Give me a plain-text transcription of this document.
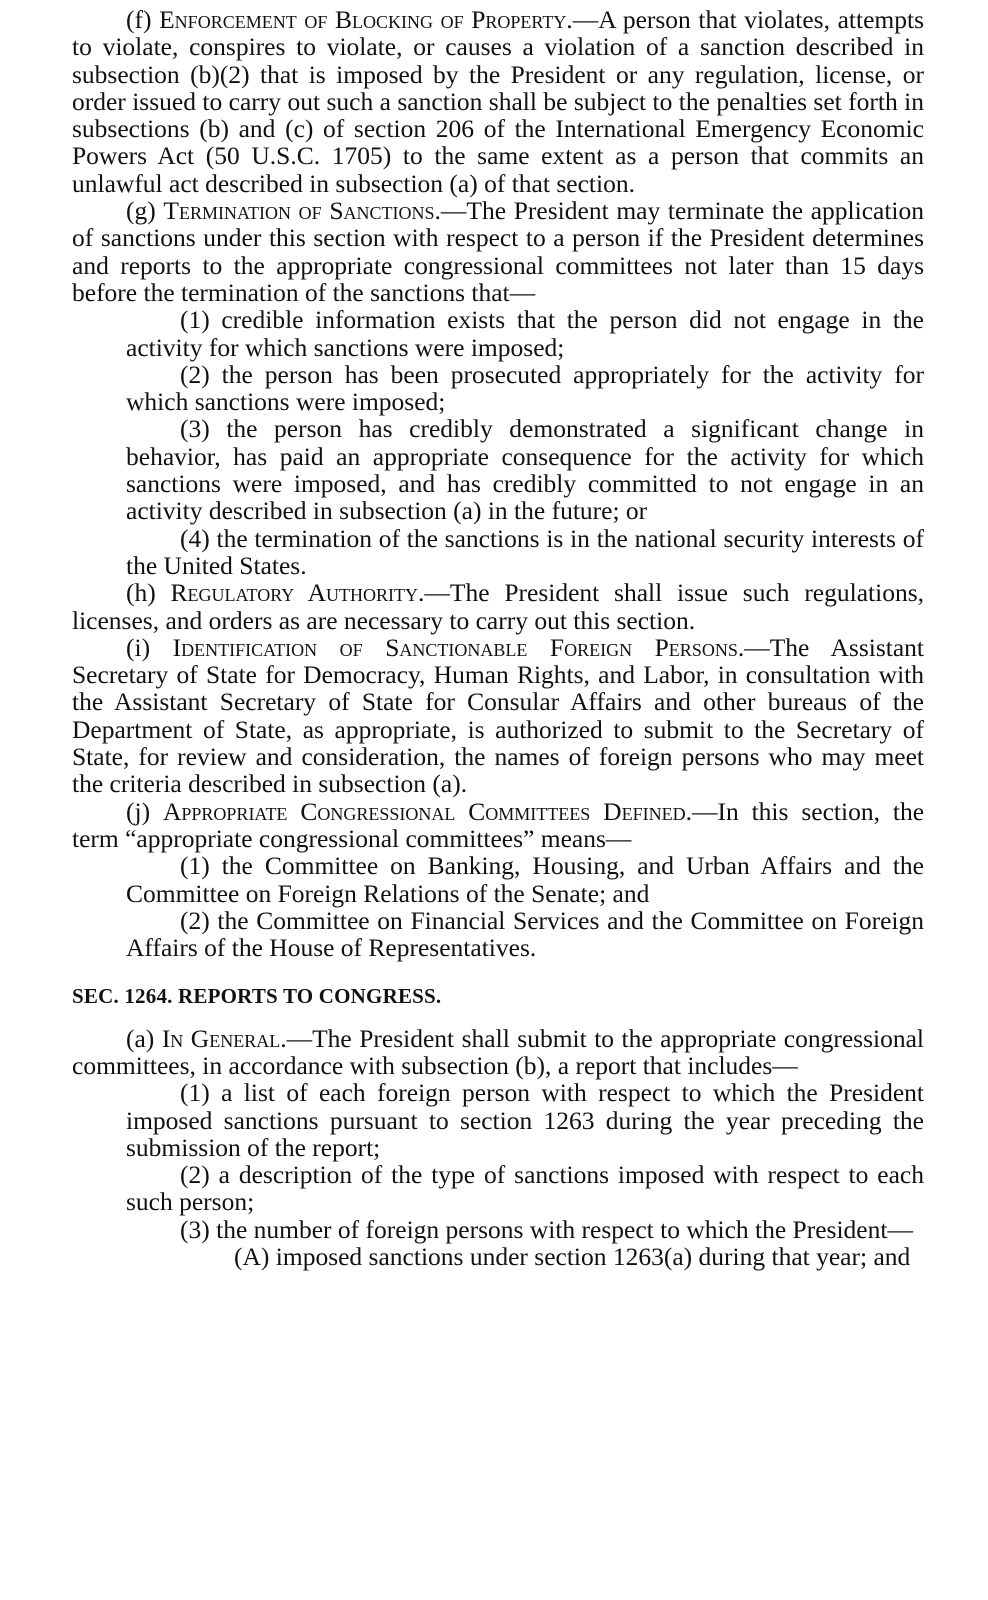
(f) Enforcement of Blocking of Property.—A person that violates, attempts to violate, conspires to violate, or causes a violation of a sanction described in subsection (b)(2) that is imposed by the President or any regulation, license, or order issued to carry out such a sanction shall be subject to the penalties set forth in subsections (b) and (c) of section 206 of the International Emergency Economic Powers Act (50 U.S.C. 1705) to the same extent as a person that commits an unlawful act described in subsection (a) of that section.

(g) Termination of Sanctions.—The President may terminate the application of sanctions under this section with respect to a person if the President determines and reports to the appropriate congressional committees not later than 15 days before the termination of the sanctions that—

(1) credible information exists that the person did not engage in the activity for which sanctions were imposed;

(2) the person has been prosecuted appropriately for the activity for which sanctions were imposed;

(3) the person has credibly demonstrated a significant change in behavior, has paid an appropriate consequence for the activity for which sanctions were imposed, and has credibly committed to not engage in an activity described in subsection (a) in the future; or

(4) the termination of the sanctions is in the national security interests of the United States.

(h) Regulatory Authority.—The President shall issue such regulations, licenses, and orders as are necessary to carry out this section.

(i) Identification of Sanctionable Foreign Persons.—The Assistant Secretary of State for Democracy, Human Rights, and Labor, in consultation with the Assistant Secretary of State for Consular Affairs and other bureaus of the Department of State, as appropriate, is authorized to submit to the Secretary of State, for review and consideration, the names of foreign persons who may meet the criteria described in subsection (a).

(j) Appropriate Congressional Committees Defined.—In this section, the term “appropriate congressional committees” means—

(1) the Committee on Banking, Housing, and Urban Affairs and the Committee on Foreign Relations of the Senate; and

(2) the Committee on Financial Services and the Committee on Foreign Affairs of the House of Representatives.

SEC. 1264. REPORTS TO CONGRESS.

(a) In General.—The President shall submit to the appropriate congressional committees, in accordance with subsection (b), a report that includes—

(1) a list of each foreign person with respect to which the President imposed sanctions pursuant to section 1263 during the year preceding the submission of the report;

(2) a description of the type of sanctions imposed with respect to each such person;

(3) the number of foreign persons with respect to which the President—

(A) imposed sanctions under section 1263(a) during that year; and
